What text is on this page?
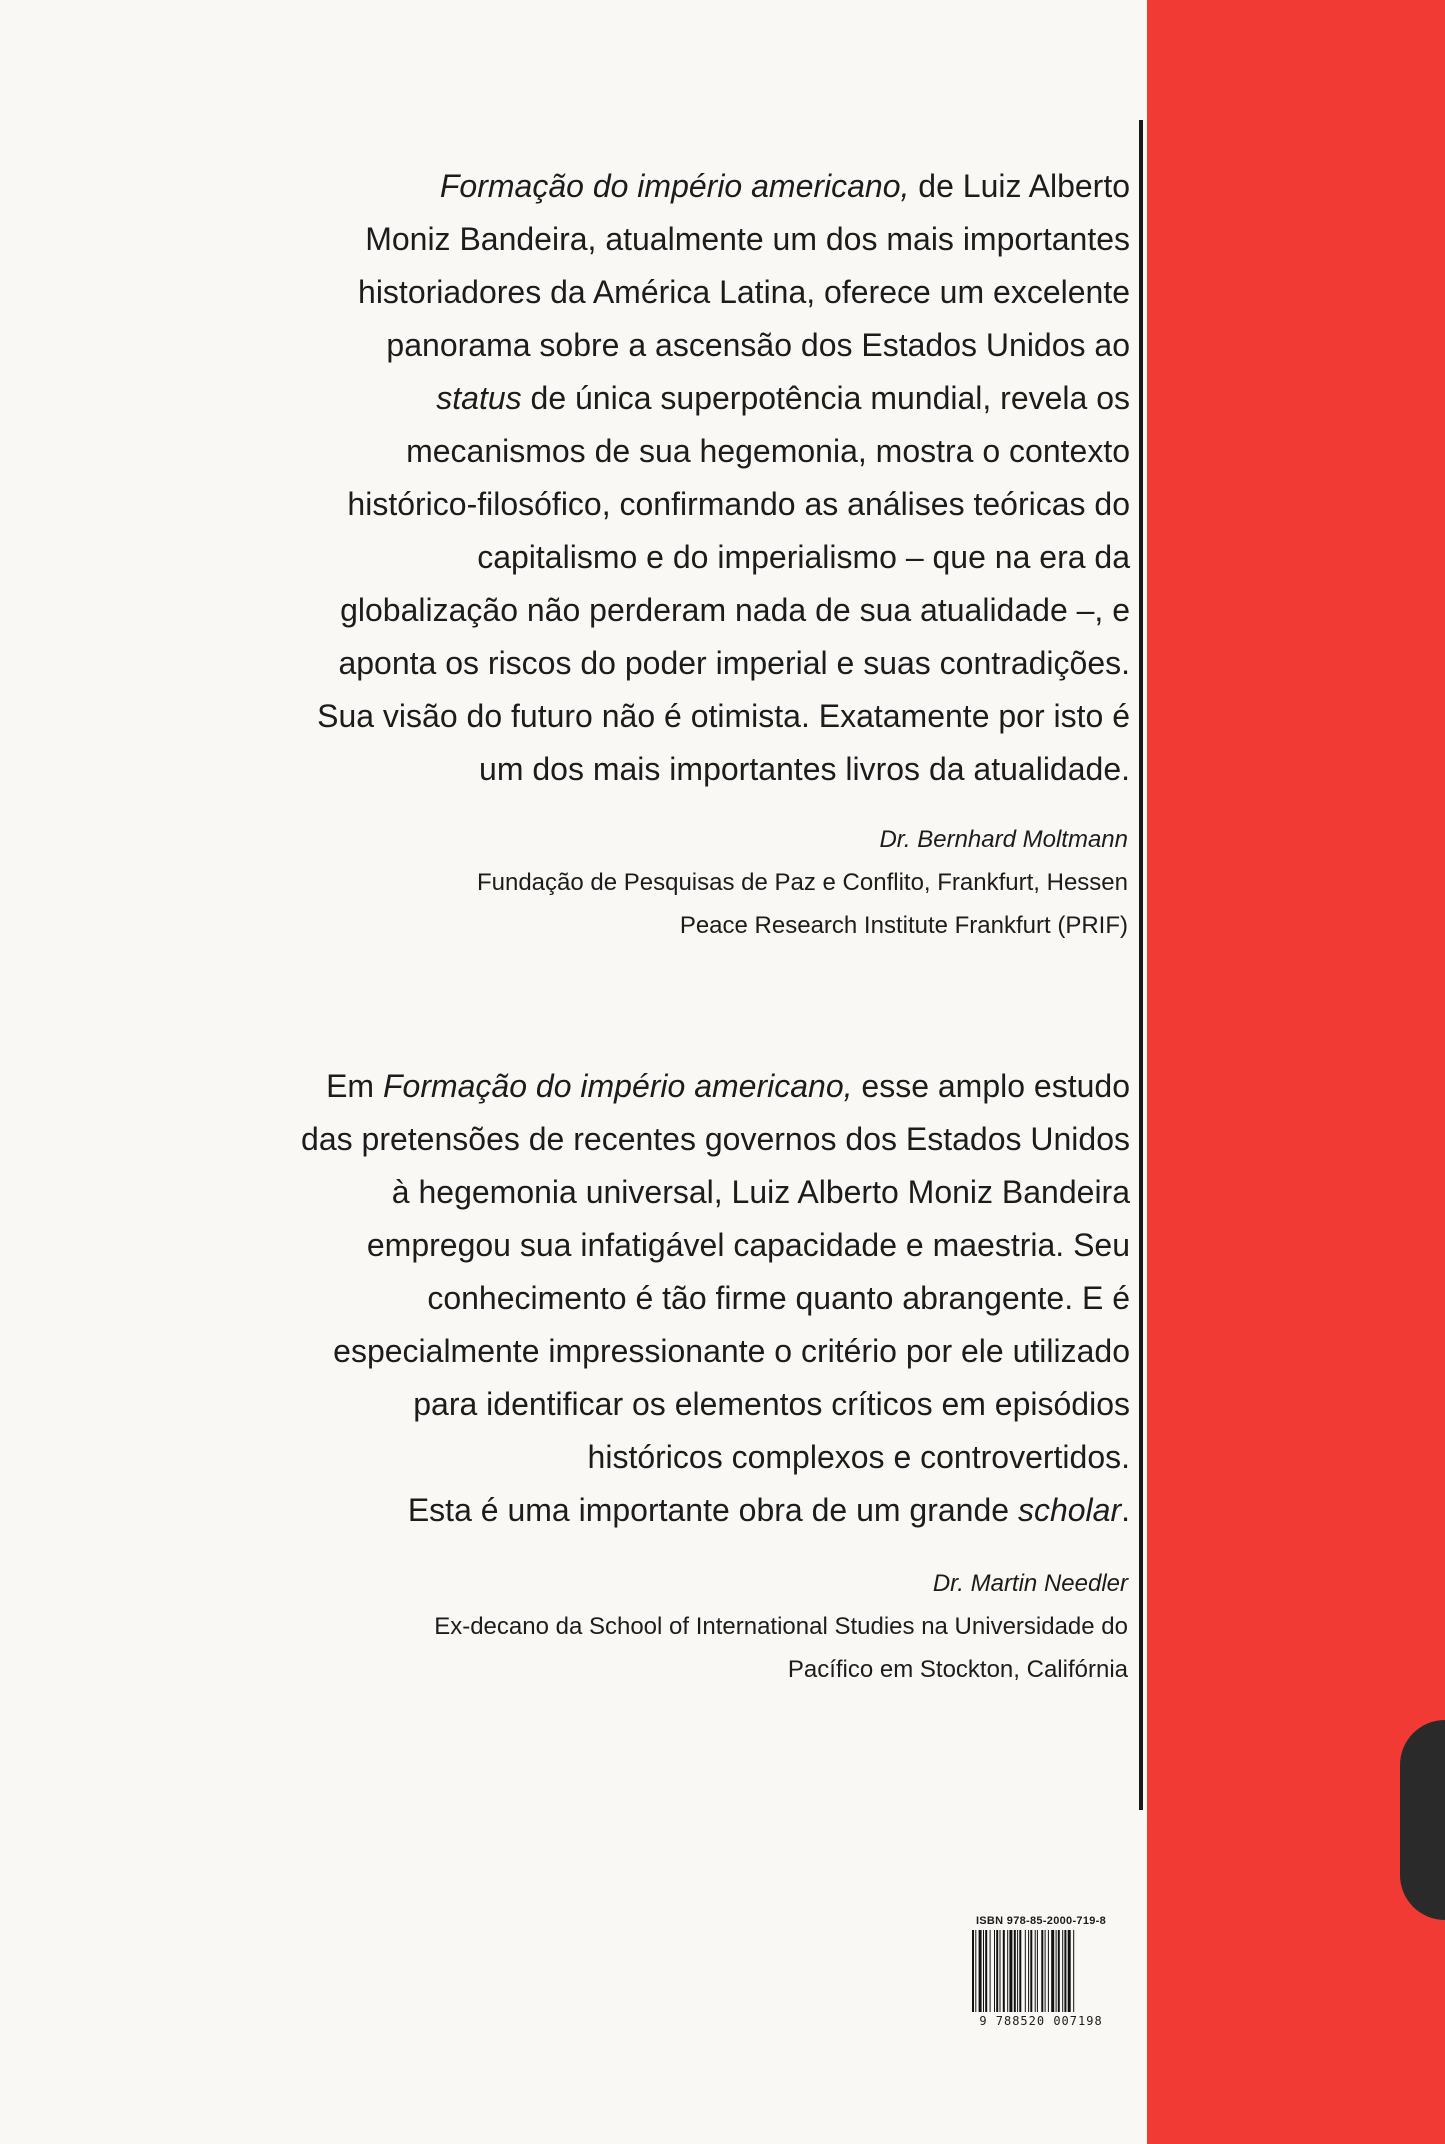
Formação do império americano, de Luiz Alberto
Moniz Bandeira, atualmente um dos mais importantes
historiadores da América Latina, oferece um excelente
panorama sobre a ascensão dos Estados Unidos ao
status de única superpotência mundial, revela os
mecanismos de sua hegemonia, mostra o contexto
histórico-filosófico, confirmando as análises teóricas do
capitalismo e do imperialismo – que na era da
globalização não perderam nada de sua atualidade –, e
aponta os riscos do poder imperial e suas contradições.
Sua visão do futuro não é otimista. Exatamente por isto é
um dos mais importantes livros da atualidade.
Dr. Bernhard Moltmann
Fundação de Pesquisas de Paz e Conflito, Frankfurt, Hessen
Peace Research Institute Frankfurt (PRIF)
Em Formação do império americano, esse amplo estudo
das pretensões de recentes governos dos Estados Unidos
à hegemonia universal, Luiz Alberto Moniz Bandeira
empregou sua infatigável capacidade e maestria. Seu
conhecimento é tão firme quanto abrangente. E é
especialmente impressionante o critério por ele utilizado
para identificar os elementos críticos em episódios
históricos complexos e controvertidos.
Esta é uma importante obra de um grande scholar.
Dr. Martin Needler
Ex-decano da School of International Studies na Universidade do
Pacífico em Stockton, Califórnia
ISBN 978-85-2000-719-8
9 788520 007198
